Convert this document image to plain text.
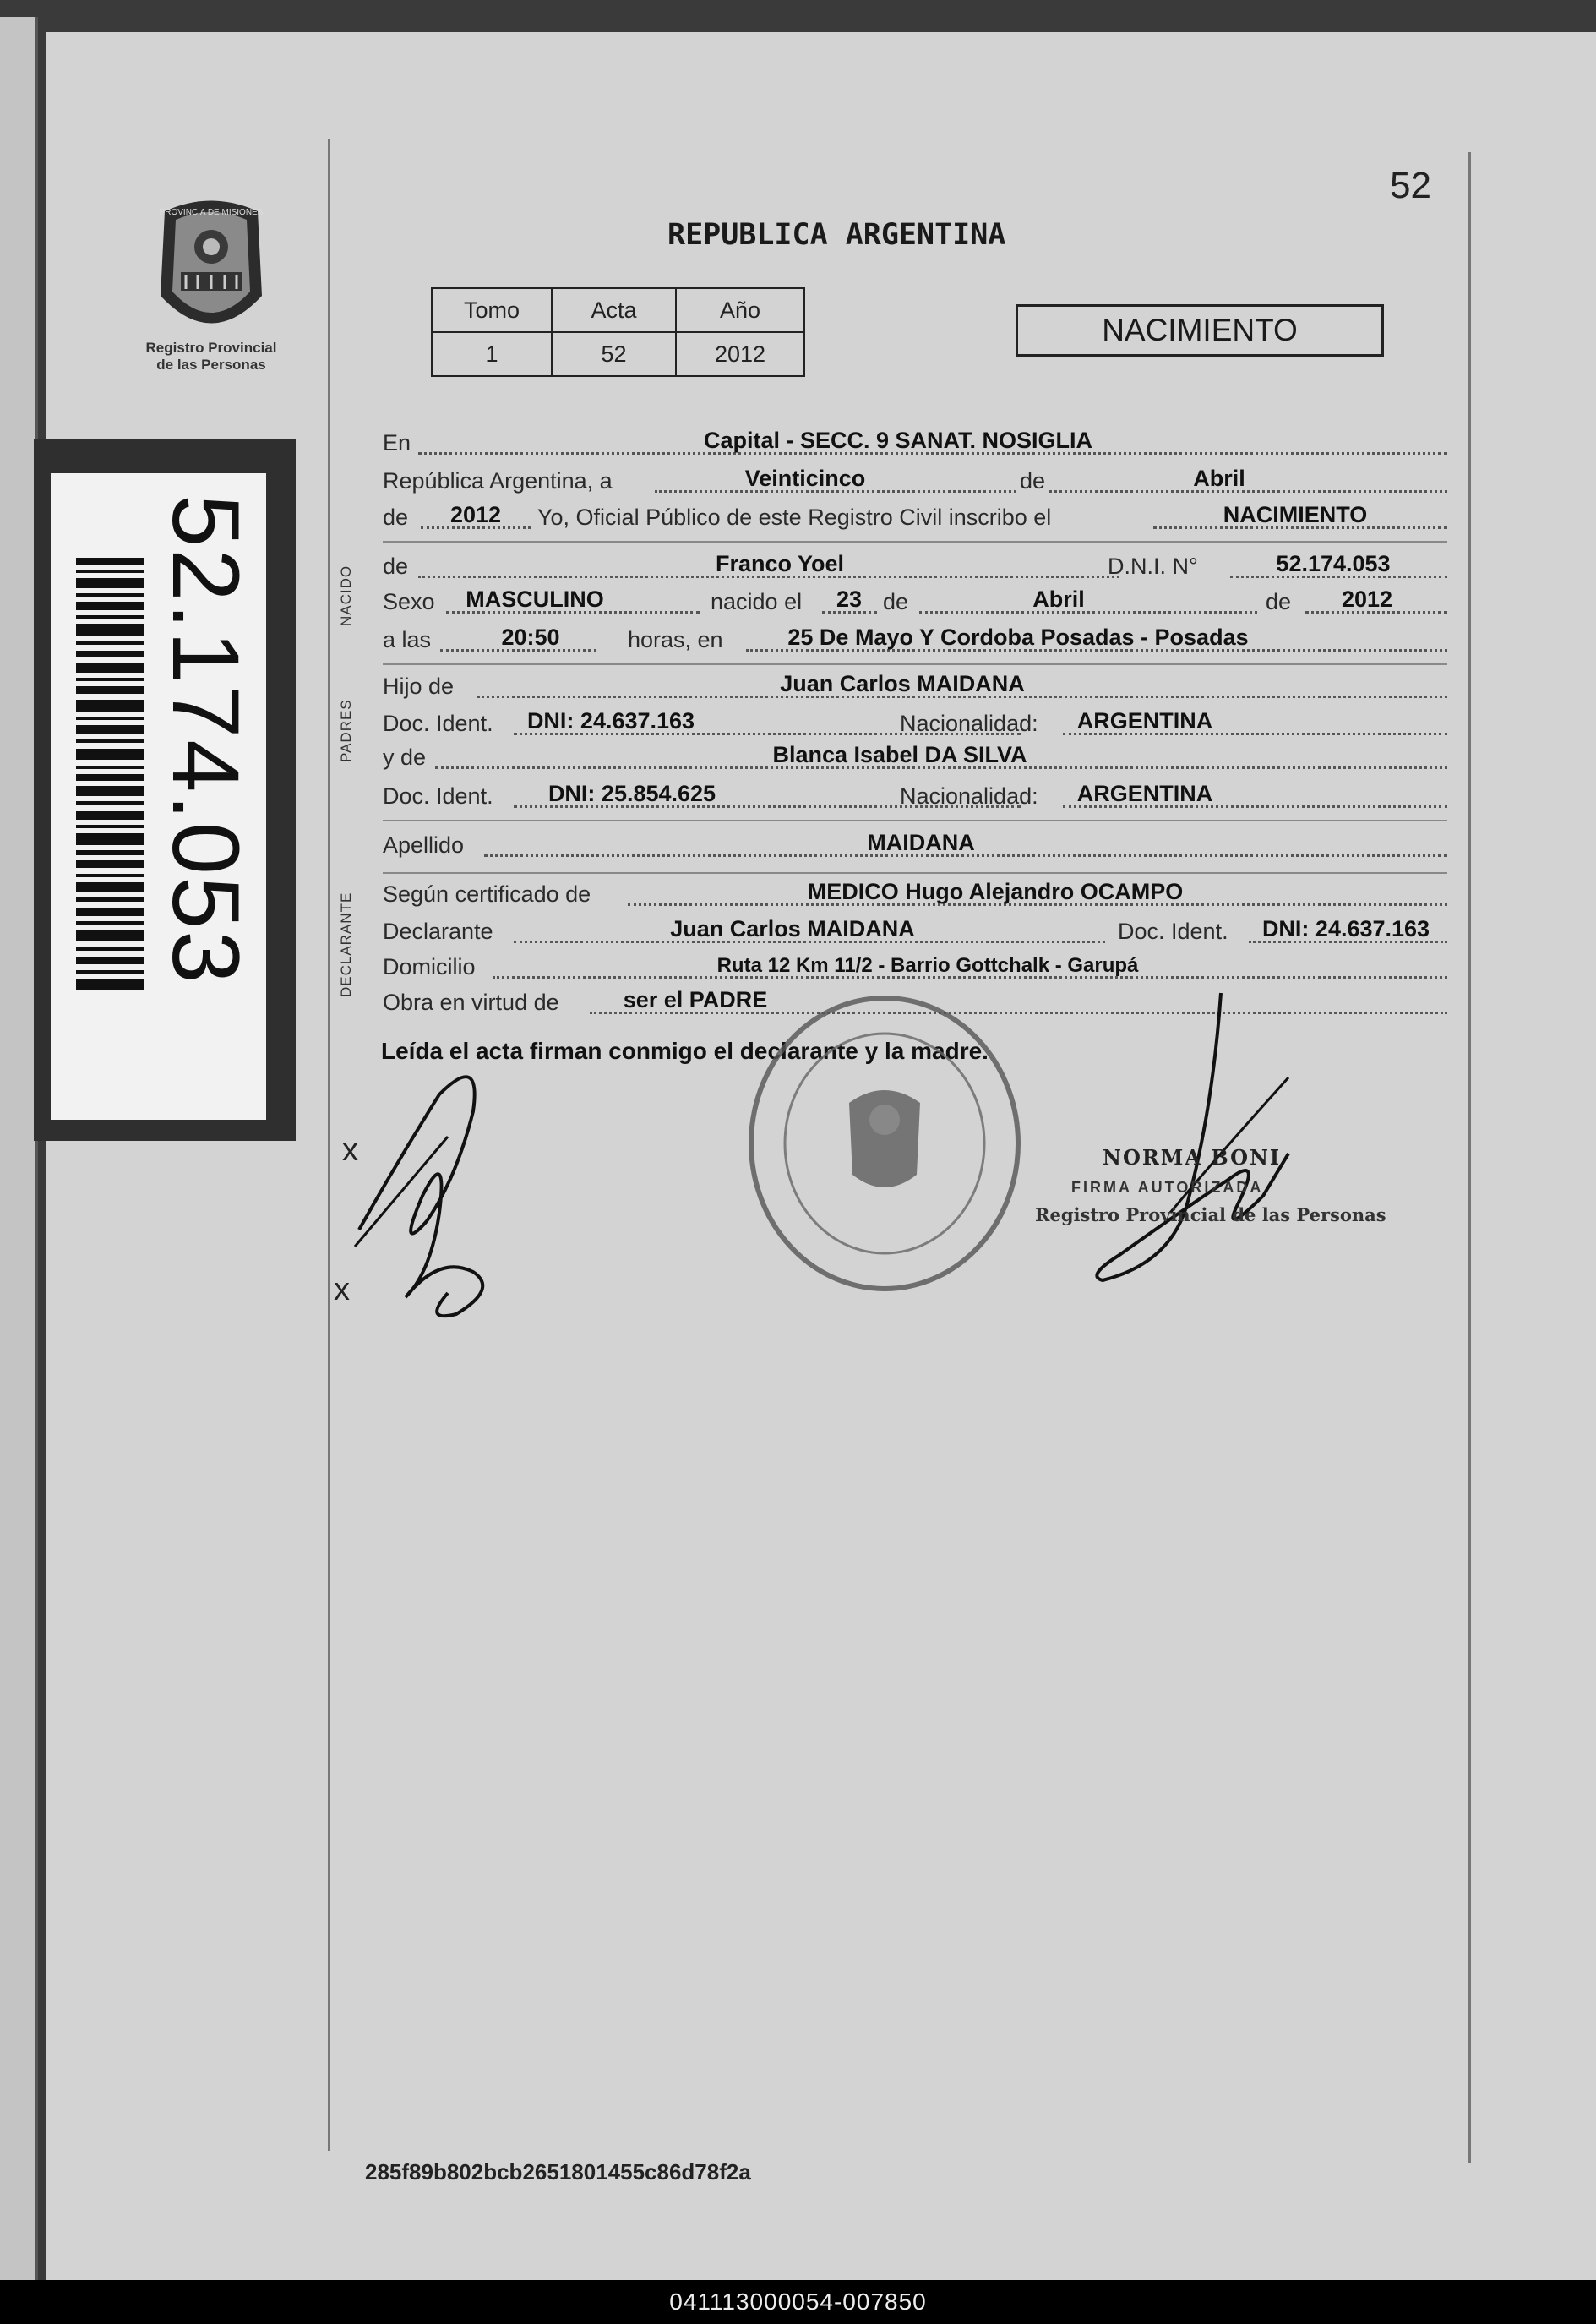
PROVINCIA DE MISIONES
Registro Provincial
de las Personas
52.174.053
52
REPUBLICA ARGENTINA
Tomo	Acta	Año
1	52	2012
NACIMIENTO
En	Capital - SECC. 9 SANAT. NOSIGLIA
República Argentina, a	Veinticinco	de	Abril
de 2012 Yo, Oficial Público de este Registro Civil inscribo el	NACIMIENTO
NACIDO de	Franco Yoel	D.N.I. N°	52.174.053
Sexo MASCULINO	nacido el 23 de	Abril	de 2012
a las	20:50	horas, en	25 De Mayo Y Cordoba Posadas - Posadas
PADRES
Hijo de	Juan Carlos MAIDANA
Doc. Ident. DNI: 24.637.163	Nacionalidad: ARGENTINA
y de	Blanca Isabel DA SILVA
Doc. Ident. DNI: 25.854.625	Nacionalidad: ARGENTINA
Apellido	MAIDANA
DECLARANTE Según certificado de	MEDICO Hugo Alejandro OCAMPO
Declarante	Juan Carlos MAIDANA	Doc. Ident. DNI: 24.637.163
Domicilio	Ruta 12 Km 11/2 - Barrio Gottchalk - Garupá
Obra en virtud de	ser el PADRE
Leída el acta firman conmigo el declarante y la madre.
x
x
NORMA BONI
FIRMA AUTORIZADA
Registro Provincial de las Personas
285f89b802bcb2651801455c86d78f2a
041113000054-007850
